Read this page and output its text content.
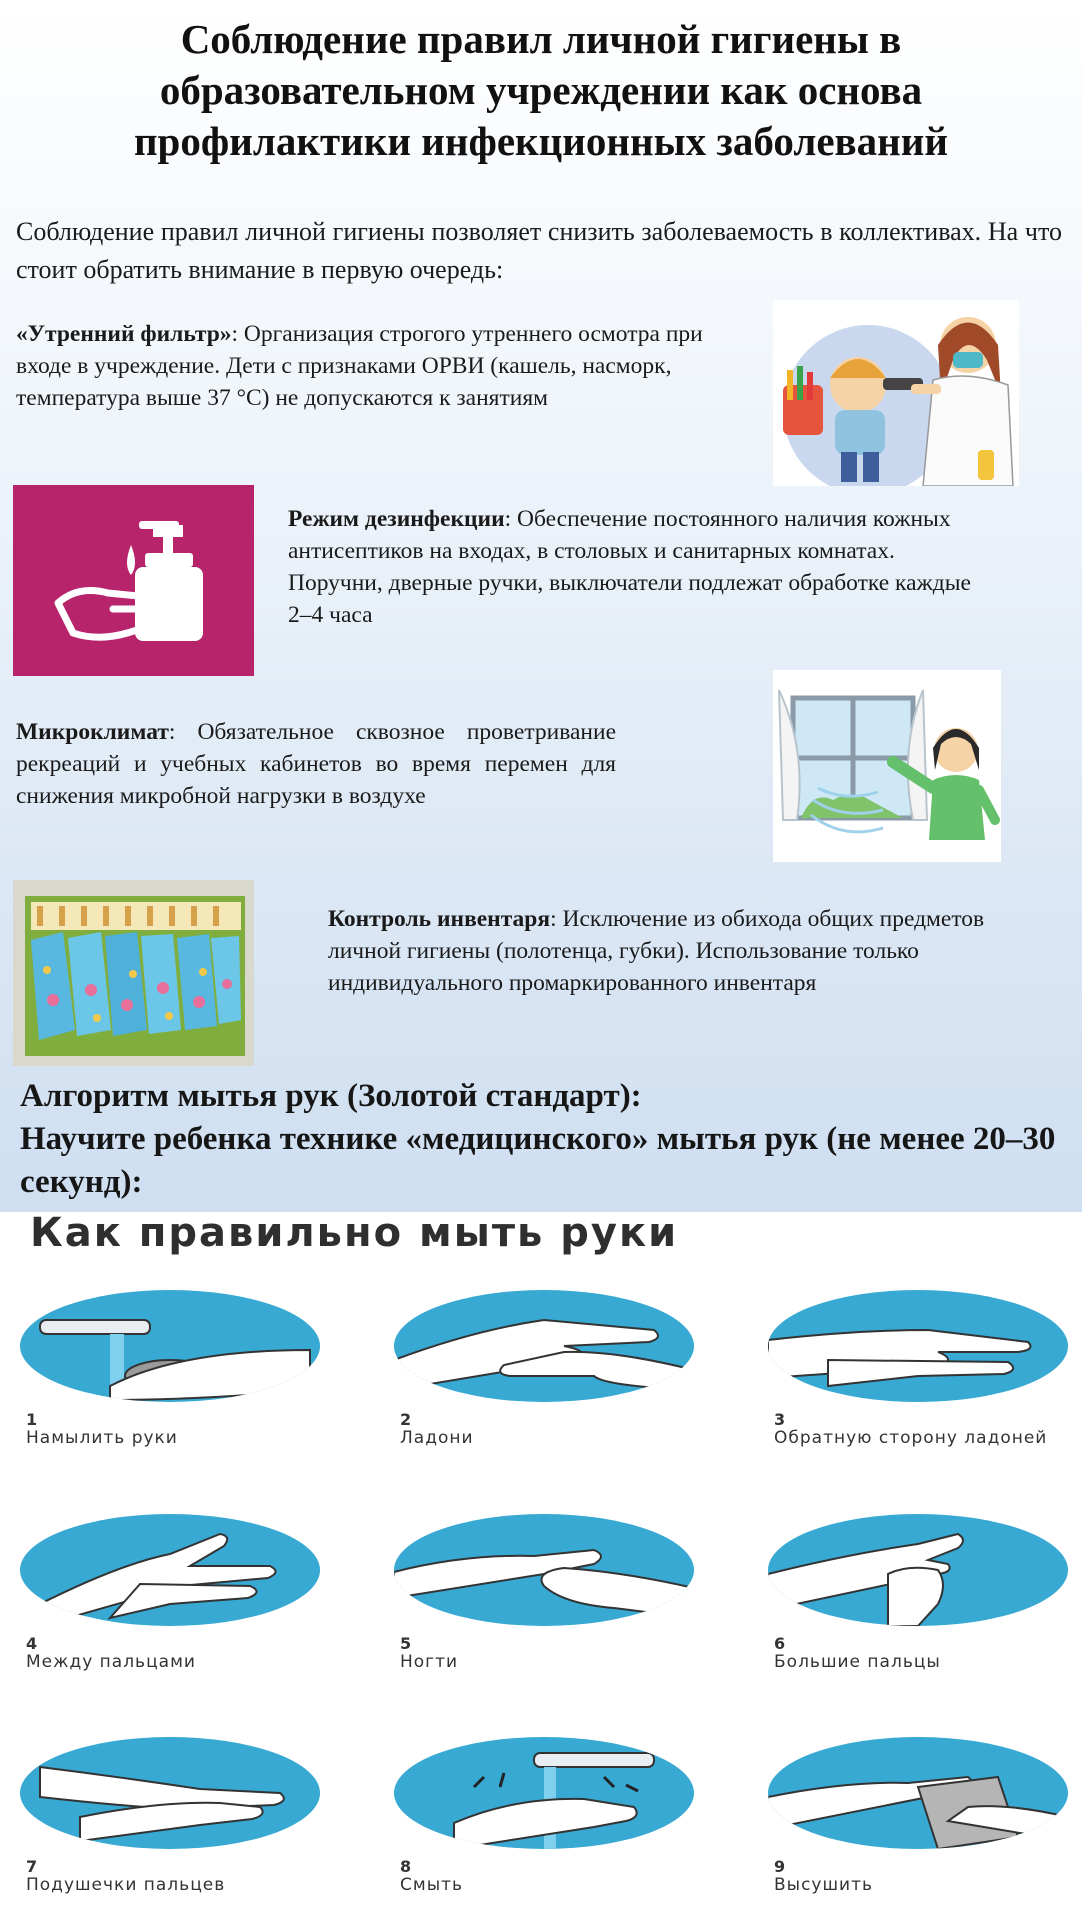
Соблюдение правил личной гигиены в образовательном учреждении как основа профилактики инфекционных заболеваний
Соблюдение правил личной гигиены позволяет снизить заболеваемость в коллективах. На что стоит обратить внимание в первую очередь:
«Утренний фильтр»: Организация строгого утреннего осмотра при входе в учреждение. Дети с признаками ОРВИ (кашель, насморк, температура выше 37 °С) не допускаются к занятиям
Режим дезинфекции: Обеспечение постоянного наличия кожных антисептиков на входах, в столовых и санитарных комнатах. Поручни, дверные ручки, выключатели подлежат обработке каждые 2–4 часа
Микроклимат: Обязательное сквозное проветривание рекреаций и учебных кабинетов во время перемен для снижения микробной нагрузки в воздухе
Контроль инвентаря: Исключение из обихода общих предметов личной гигиены (полотенца, губки). Использование только индивидуального промаркированного инвентаря
Алгоритм мытья рук (Золотой стандарт):
Научите ребенка технике «медицинского» мытья рук (не менее 20–30 секунд):
Как правильно мыть руки
1
Намылить руки
2
Ладони
3
Обратную сторону ладоней
4
Между пальцами
5
Ногти
6
Большие пальцы
7
Подушечки пальцев
8
Смыть
9
Высушить
